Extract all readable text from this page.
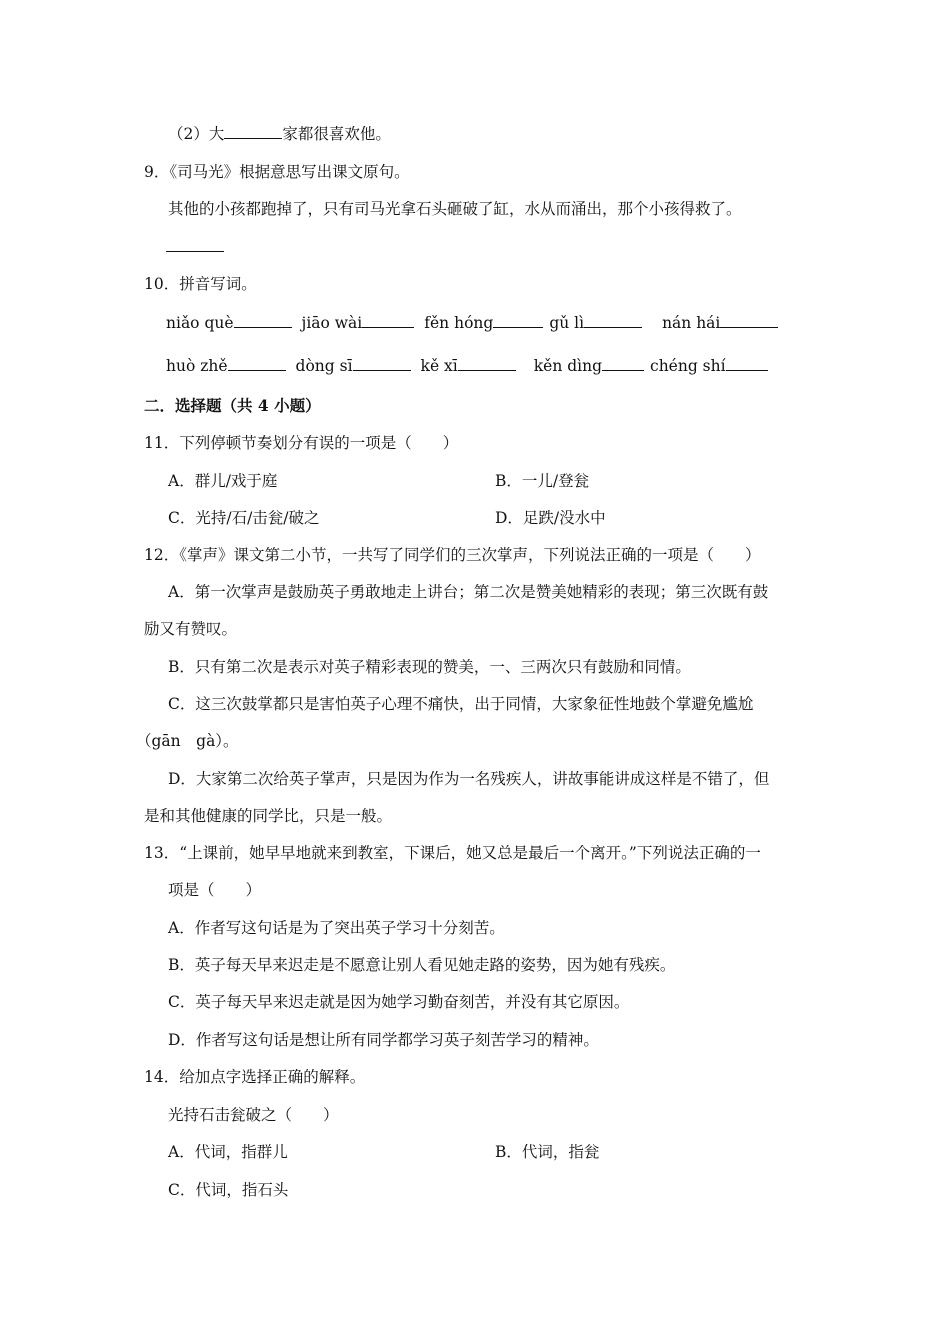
（2）大	家都很喜欢他。
9．《司马光》根据意思写出课文原句。
其他的小孩都跑掉了，只有司马光拿石头砸破了缸，水从而涌出，那个小孩得救了。
10．拼音写词。
niǎo què	jiāo wài	fěn hóng	gǔ lì	nán hái
huò zhě	dòng sī	kě xī	kěn dìng	chéng shí
二．选择题（共 4 小题）
11．下列停顿节奏划分有误的一项是（　　）
A．群儿/戏于庭	B．一儿/登瓮
C．光持/石/击瓮/破之	D．足跌/没水中
12．《掌声》课文第二小节，一共写了同学们的三次掌声，下列说法正确的一项是（　　）
A．第一次掌声是鼓励英子勇敢地走上讲台；第二次是赞美她精彩的表现；第三次既有鼓
励又有赞叹。
B．只有第二次是表示对英子精彩表现的赞美，一、三两次只有鼓励和同情。
C．这三次鼓掌都只是害怕英子心理不痛快，出于同情，大家象征性地鼓个掌避免尴尬
（gān　gà）。
D．大家第二次给英子掌声，只是因为作为一名残疾人，讲故事能讲成这样是不错了，但
是和其他健康的同学比，只是一般。
13．“上课前，她早早地就来到教室，下课后，她又总是最后一个离开。”下列说法正确的一
项是（　　）
A．作者写这句话是为了突出英子学习十分刻苦。
B．英子每天早来迟走是不愿意让别人看见她走路的姿势，因为她有残疾。
C．英子每天早来迟走就是因为她学习勤奋刻苦，并没有其它原因。
D．作者写这句话是想让所有同学都学习英子刻苦学习的精神。
14．给加点字选择正确的解释。
光持石击瓮破之（　　）
A．代词，指群儿	B．代词，指瓮
C．代词，指石头
